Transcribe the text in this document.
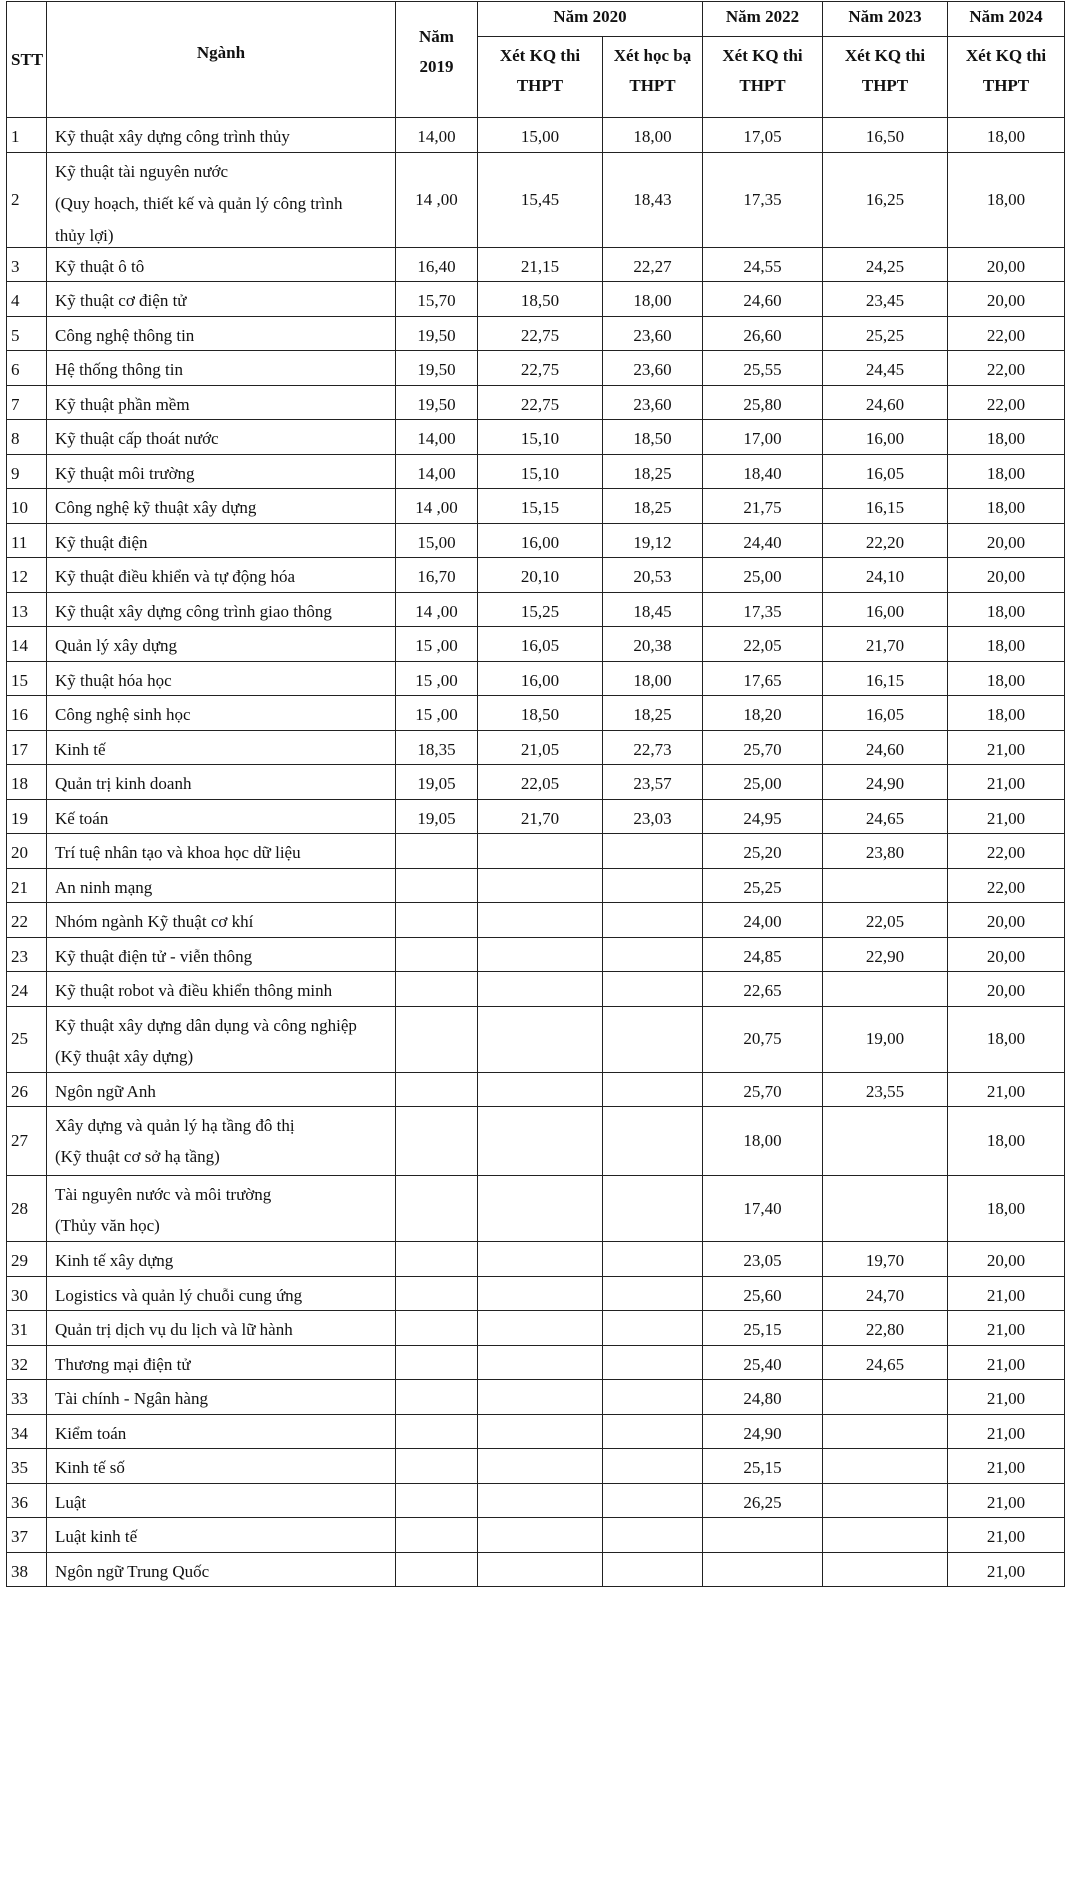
STT	Ngành	Năm 2019	Năm 2020		Năm 2022	Năm 2023	Năm 2024
			Xét KQ thi THPT	Xét học bạ THPT	Xét KQ thi THPT	Xét KQ thi THPT	Xét KQ thi THPT
1	Kỹ thuật xây dựng công trình thủy	14,00	15,00	18,00	17,05	16,50	18,00
2	Kỹ thuật tài nguyên nước
(Quy hoạch, thiết kế và quản lý công trình
thủy lợi)	14 ,00	15,45	18,43	17,35	16,25	18,00
3	Kỹ thuật ô tô	16,40	21,15	22,27	24,55	24,25	20,00
4	Kỹ thuật cơ điện tử	15,70	18,50	18,00	24,60	23,45	20,00
5	Công nghệ thông tin	19,50	22,75	23,60	26,60	25,25	22,00
6	Hệ thống thông tin	19,50	22,75	23,60	25,55	24,45	22,00
7	Kỹ thuật phần mềm	19,50	22,75	23,60	25,80	24,60	22,00
8	Kỹ thuật cấp thoát nước	14,00	15,10	18,50	17,00	16,00	18,00
9	Kỹ thuật môi trường	14,00	15,10	18,25	18,40	16,05	18,00
10	Công nghệ kỹ thuật xây dựng	14 ,00	15,15	18,25	21,75	16,15	18,00
11	Kỹ thuật điện	15,00	16,00	19,12	24,40	22,20	20,00
12	Kỹ thuật điều khiển và tự động hóa	16,70	20,10	20,53	25,00	24,10	20,00
13	Kỹ thuật xây dựng công trình giao thông	14 ,00	15,25	18,45	17,35	16,00	18,00
14	Quản lý xây dựng	15 ,00	16,05	20,38	22,05	21,70	18,00
15	Kỹ thuật hóa học	15 ,00	16,00	18,00	17,65	16,15	18,00
16	Công nghệ sinh học	15 ,00	18,50	18,25	18,20	16,05	18,00
17	Kinh tế	18,35	21,05	22,73	25,70	24,60	21,00
18	Quản trị kinh doanh	19,05	22,05	23,57	25,00	24,90	21,00
19	Kế toán	19,05	21,70	23,03	24,95	24,65	21,00
20	Trí tuệ nhân tạo và khoa học dữ liệu				25,20	23,80	22,00
21	An ninh mạng				25,25		22,00
22	Nhóm ngành Kỹ thuật cơ khí				24,00	22,05	20,00
23	Kỹ thuật điện tử - viễn thông				24,85	22,90	20,00
24	Kỹ thuật robot và điều khiển thông minh				22,65		20,00
25	Kỹ thuật xây dựng dân dụng và công nghiệp
(Kỹ thuật xây dựng)				20,75	19,00	18,00
26	Ngôn ngữ Anh				25,70	23,55	21,00
27	Xây dựng và quản lý hạ tầng đô thị
(Kỹ thuật cơ sở hạ tầng)				18,00		18,00
28	Tài nguyên nước và môi trường
(Thủy văn học)				17,40		18,00
29	Kinh tế xây dựng				23,05	19,70	20,00
30	Logistics và quản lý chuỗi cung ứng				25,60	24,70	21,00
31	Quản trị dịch vụ du lịch và lữ hành				25,15	22,80	21,00
32	Thương mại điện tử				25,40	24,65	21,00
33	Tài chính - Ngân hàng				24,80		21,00
34	Kiểm toán				24,90		21,00
35	Kinh tế số				25,15		21,00
36	Luật				26,25		21,00
37	Luật kinh tế						21,00
38	Ngôn ngữ Trung Quốc						21,00
